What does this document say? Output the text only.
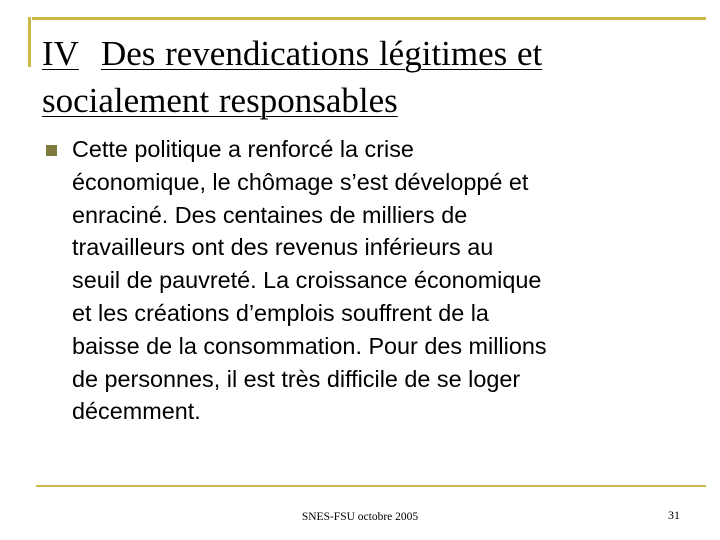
IV Des revendications légitimes et socialement responsables
Cette politique a renforcé la crise
économique, le chômage s’est développé et
enraciné. Des centaines de milliers de
travailleurs ont des revenus inférieurs au
seuil de pauvreté. La croissance économique
et les créations d’emplois souffrent de la
baisse de la consommation. Pour des millions
de personnes, il est très difficile de se loger
décemment.
SNES-FSU octobre 2005	31
